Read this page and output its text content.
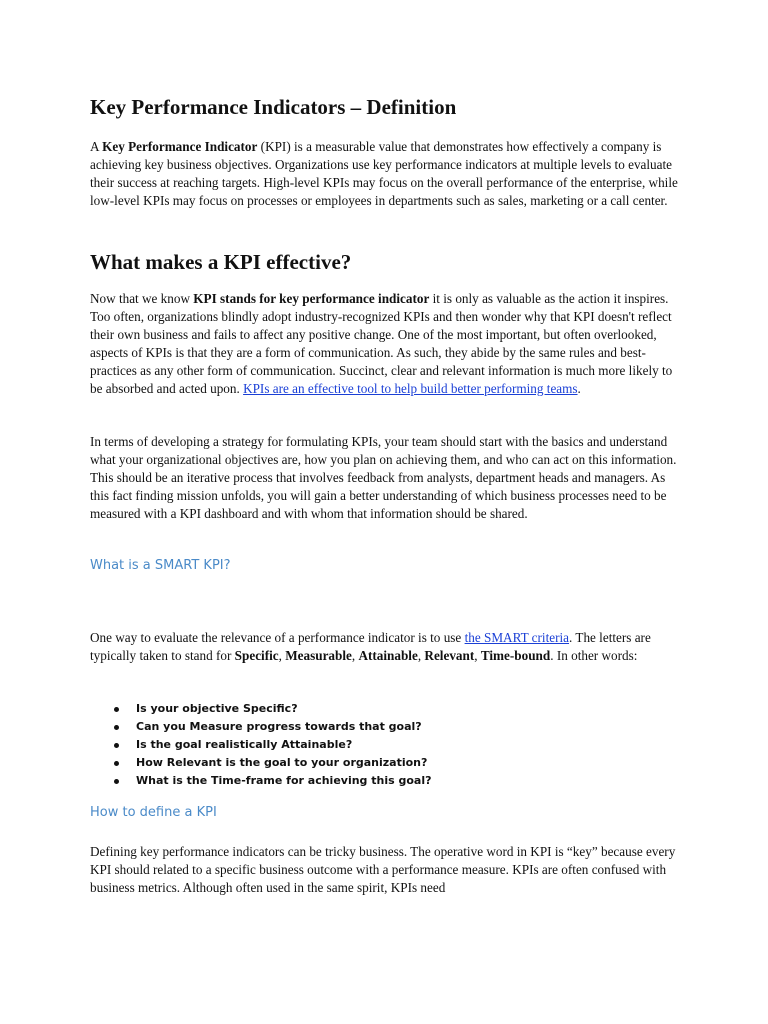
Key Performance Indicators – Definition

A Key Performance Indicator (KPI) is a measurable value that demonstrates how effectively a company is achieving key business objectives. Organizations use key performance indicators at multiple levels to evaluate their success at reaching targets. High-level KPIs may focus on the overall performance of the enterprise, while low-level KPIs may focus on processes or employees in departments such as sales, marketing or a call center.

What makes a KPI effective?

Now that we know KPI stands for key performance indicator it is only as valuable as the action it inspires. Too often, organizations blindly adopt industry-recognized KPIs and then wonder why that KPI doesn't reflect their own business and fails to affect any positive change. One of the most important, but often overlooked, aspects of KPIs is that they are a form of communication. As such, they abide by the same rules and best-practices as any other form of communication. Succinct, clear and relevant information is much more likely to be absorbed and acted upon. KPIs are an effective tool to help build better performing teams.

In terms of developing a strategy for formulating KPIs, your team should start with the basics and understand what your organizational objectives are, how you plan on achieving them, and who can act on this information. This should be an iterative process that involves feedback from analysts, department heads and managers. As this fact finding mission unfolds, you will gain a better understanding of which business processes need to be measured with a KPI dashboard and with whom that information should be shared.

What is a SMART KPI?

One way to evaluate the relevance of a performance indicator is to use the SMART criteria. The letters are typically taken to stand for Specific, Measurable, Attainable, Relevant, Time-bound. In other words:

Is your objective Specific?
Can you Measure progress towards that goal?
Is the goal realistically Attainable?
How Relevant is the goal to your organization?
What is the Time-frame for achieving this goal?
How to define a KPI

Defining key performance indicators can be tricky business. The operative word in KPI is “key” because every KPI should related to a specific business outcome with a performance measure. KPIs are often confused with business metrics. Although often used in the same spirit, KPIs need
